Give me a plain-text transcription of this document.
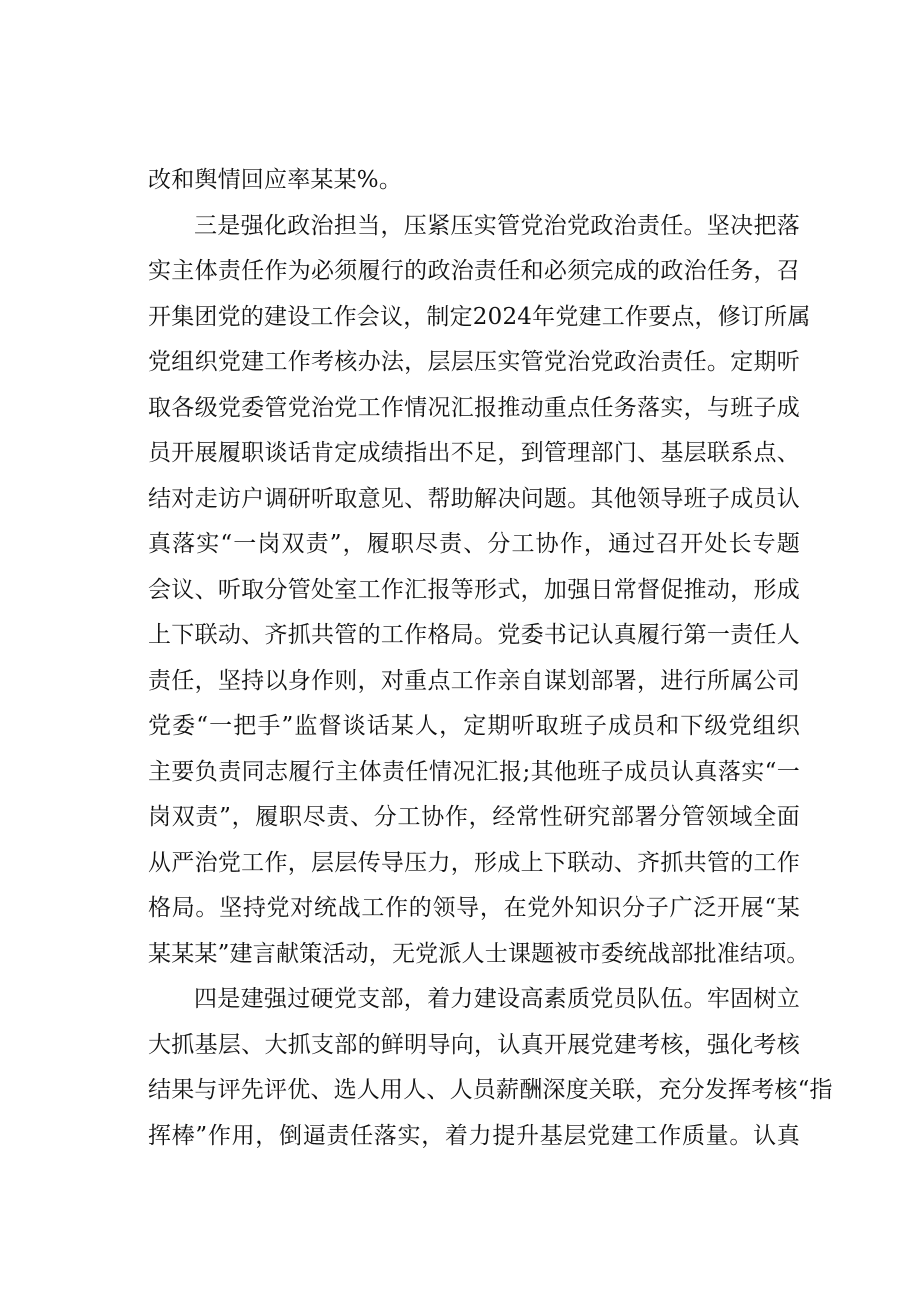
改和舆情回应率某某%。
三是强化政治担当，压紧压实管党治党政治责任。坚决把落
实主体责任作为必须履行的政治责任和必须完成的政治任务，召
开集团党的建设工作会议，制定2024年党建工作要点，修订所属
党组织党建工作考核办法，层层压实管党治党政治责任。定期听
取各级党委管党治党工作情况汇报推动重点任务落实，与班子成
员开展履职谈话肯定成绩指出不足，到管理部门、基层联系点、
结对走访户调研听取意见、帮助解决问题。其他领导班子成员认
真落实“一岗双责”，履职尽责、分工协作，通过召开处长专题
会议、听取分管处室工作汇报等形式，加强日常督促推动，形成
上下联动、齐抓共管的工作格局。党委书记认真履行第一责任人
责任，坚持以身作则，对重点工作亲自谋划部署，进行所属公司
党委“一把手”监督谈话某人，定期听取班子成员和下级党组织
主要负责同志履行主体责任情况汇报;其他班子成员认真落实“一
岗双责”，履职尽责、分工协作，经常性研究部署分管领域全面
从严治党工作，层层传导压力，形成上下联动、齐抓共管的工作
格局。坚持党对统战工作的领导，在党外知识分子广泛开展“某
某某某”建言献策活动，无党派人士课题被市委统战部批准结项。
四是建强过硬党支部，着力建设高素质党员队伍。牢固树立
大抓基层、大抓支部的鲜明导向，认真开展党建考核，强化考核
结果与评先评优、选人用人、人员薪酬深度关联，充分发挥考核“指
挥棒”作用，倒逼责任落实，着力提升基层党建工作质量。认真
